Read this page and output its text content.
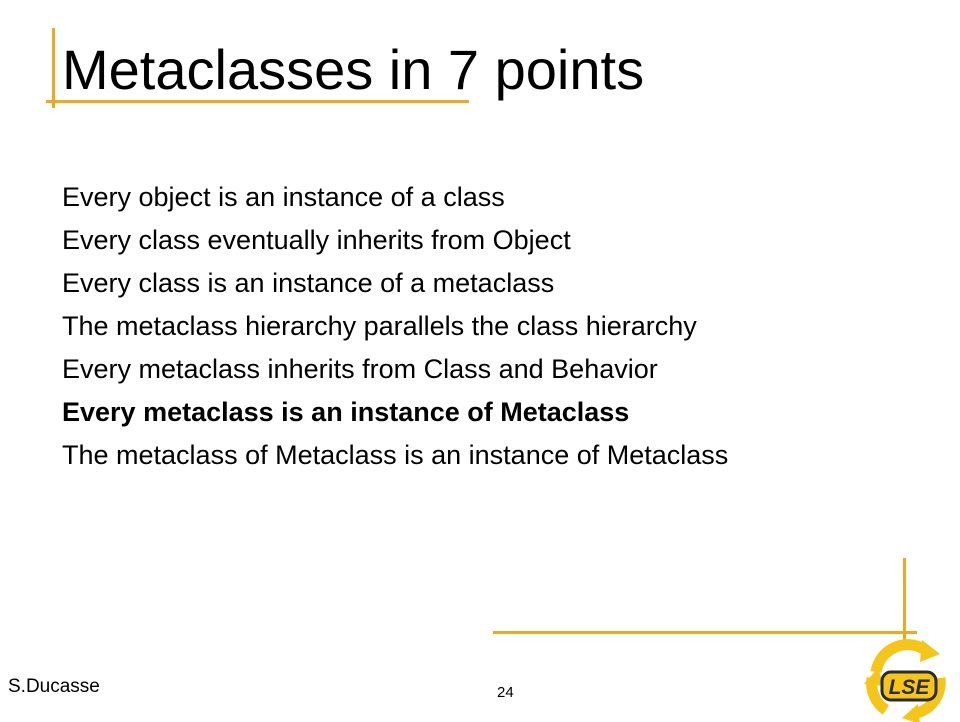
Metaclasses in 7 points
Every object is an instance of a class
Every class eventually inherits from Object
Every class is an instance of a metaclass
The metaclass hierarchy parallels the class hierarchy
Every metaclass inherits from Class and Behavior
Every metaclass is an instance of Metaclass
The metaclass of Metaclass is an instance of Metaclass
S.Ducasse	24	LSE
